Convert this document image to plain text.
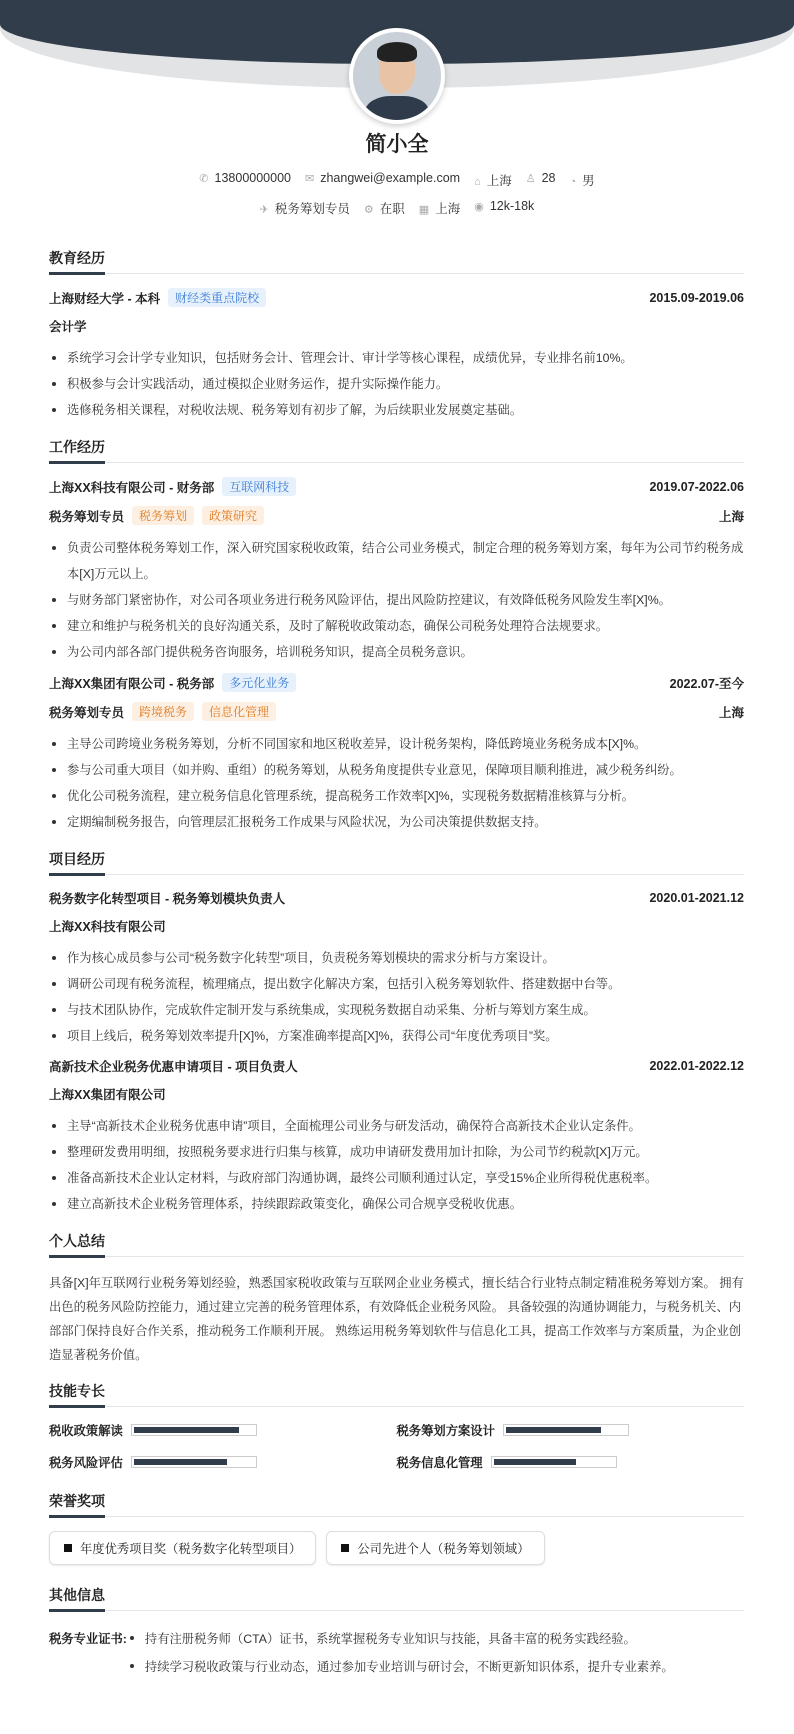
简小全
✆ 13800000000 ✉ zhangwei@example.com ⌂ 上海 ♙ 28 ◔ 男
✈ 税务筹划专员 ⚙ 在职 ▦ 上海 ◉ 12k-18k
教育经历
上海财经大学 - 本科	财经类重点院校	2015.09-2019.06
会计学
系统学习会计学专业知识，包括财务会计、管理会计、审计学等核心课程，成绩优异，专业排名前10%。
积极参与会计实践活动，通过模拟企业财务运作，提升实际操作能力。
选修税务相关课程，对税收法规、税务筹划有初步了解，为后续职业发展奠定基础。
工作经历
上海XX科技有限公司 - 财务部	互联网科技	2019.07-2022.06
税务筹划专员	税务筹划	政策研究	上海
负责公司整体税务筹划工作，深入研究国家税收政策，结合公司业务模式，制定合理的税务筹划方案，每年为公司节约税务成本[X]万元以上。
与财务部门紧密协作，对公司各项业务进行税务风险评估，提出风险防控建议，有效降低税务风险发生率[X]%。
建立和维护与税务机关的良好沟通关系，及时了解税收政策动态，确保公司税务处理符合法规要求。
为公司内部各部门提供税务咨询服务，培训税务知识，提高全员税务意识。
上海XX集团有限公司 - 税务部	多元化业务	2022.07-至今
税务筹划专员	跨境税务	信息化管理	上海
主导公司跨境业务税务筹划，分析不同国家和地区税收差异，设计税务架构，降低跨境业务税务成本[X]%。
参与公司重大项目（如并购、重组）的税务筹划，从税务角度提供专业意见，保障项目顺利推进，减少税务纠纷。
优化公司税务流程，建立税务信息化管理系统，提高税务工作效率[X]%，实现税务数据精准核算与分析。
定期编制税务报告，向管理层汇报税务工作成果与风险状况，为公司决策提供数据支持。
项目经历
税务数字化转型项目 - 税务筹划模块负责人	2020.01-2021.12
上海XX科技有限公司
作为核心成员参与公司“税务数字化转型”项目，负责税务筹划模块的需求分析与方案设计。
调研公司现有税务流程，梳理痛点，提出数字化解决方案，包括引入税务筹划软件、搭建数据中台等。
与技术团队协作，完成软件定制开发与系统集成，实现税务数据自动采集、分析与筹划方案生成。
项目上线后，税务筹划效率提升[X]%，方案准确率提高[X]%，获得公司“年度优秀项目”奖。
高新技术企业税务优惠申请项目 - 项目负责人	2022.01-2022.12
上海XX集团有限公司
主导“高新技术企业税务优惠申请”项目，全面梳理公司业务与研发活动，确保符合高新技术企业认定条件。
整理研发费用明细，按照税务要求进行归集与核算，成功申请研发费用加计扣除，为公司节约税款[X]万元。
准备高新技术企业认定材料，与政府部门沟通协调，最终公司顺利通过认定，享受15%企业所得税优惠税率。
建立高新技术企业税务管理体系，持续跟踪政策变化，确保公司合规享受税收优惠。
个人总结

具备[X]年互联网行业税务筹划经验，熟悉国家税收政策与互联网企业业务模式，擅长结合行业特点制定精准税务筹划方案。 拥有出色的税务风险防控能力，通过建立完善的税务管理体系，有效降低企业税务风险。 具备较强的沟通协调能力，与税务机关、内部部门保持良好合作关系，推动税务工作顺利开展。 熟练运用税务筹划软件与信息化工具，提高工作效率与方案质量，为企业创造显著税务价值。

技能专长
税收政策解读	税务筹划方案设计
税务风险评估	税务信息化管理
荣誉奖项
年度优秀项目奖（税务数字化转型项目）	公司先进个人（税务筹划领域）
其他信息
税务专业证书:	持有注册税务师（CTA）证书，系统掌握税务专业知识与技能，具备丰富的税务实践经验。
持续学习税收政策与行业动态，通过参加专业培训与研讨会，不断更新知识体系，提升专业素养。
